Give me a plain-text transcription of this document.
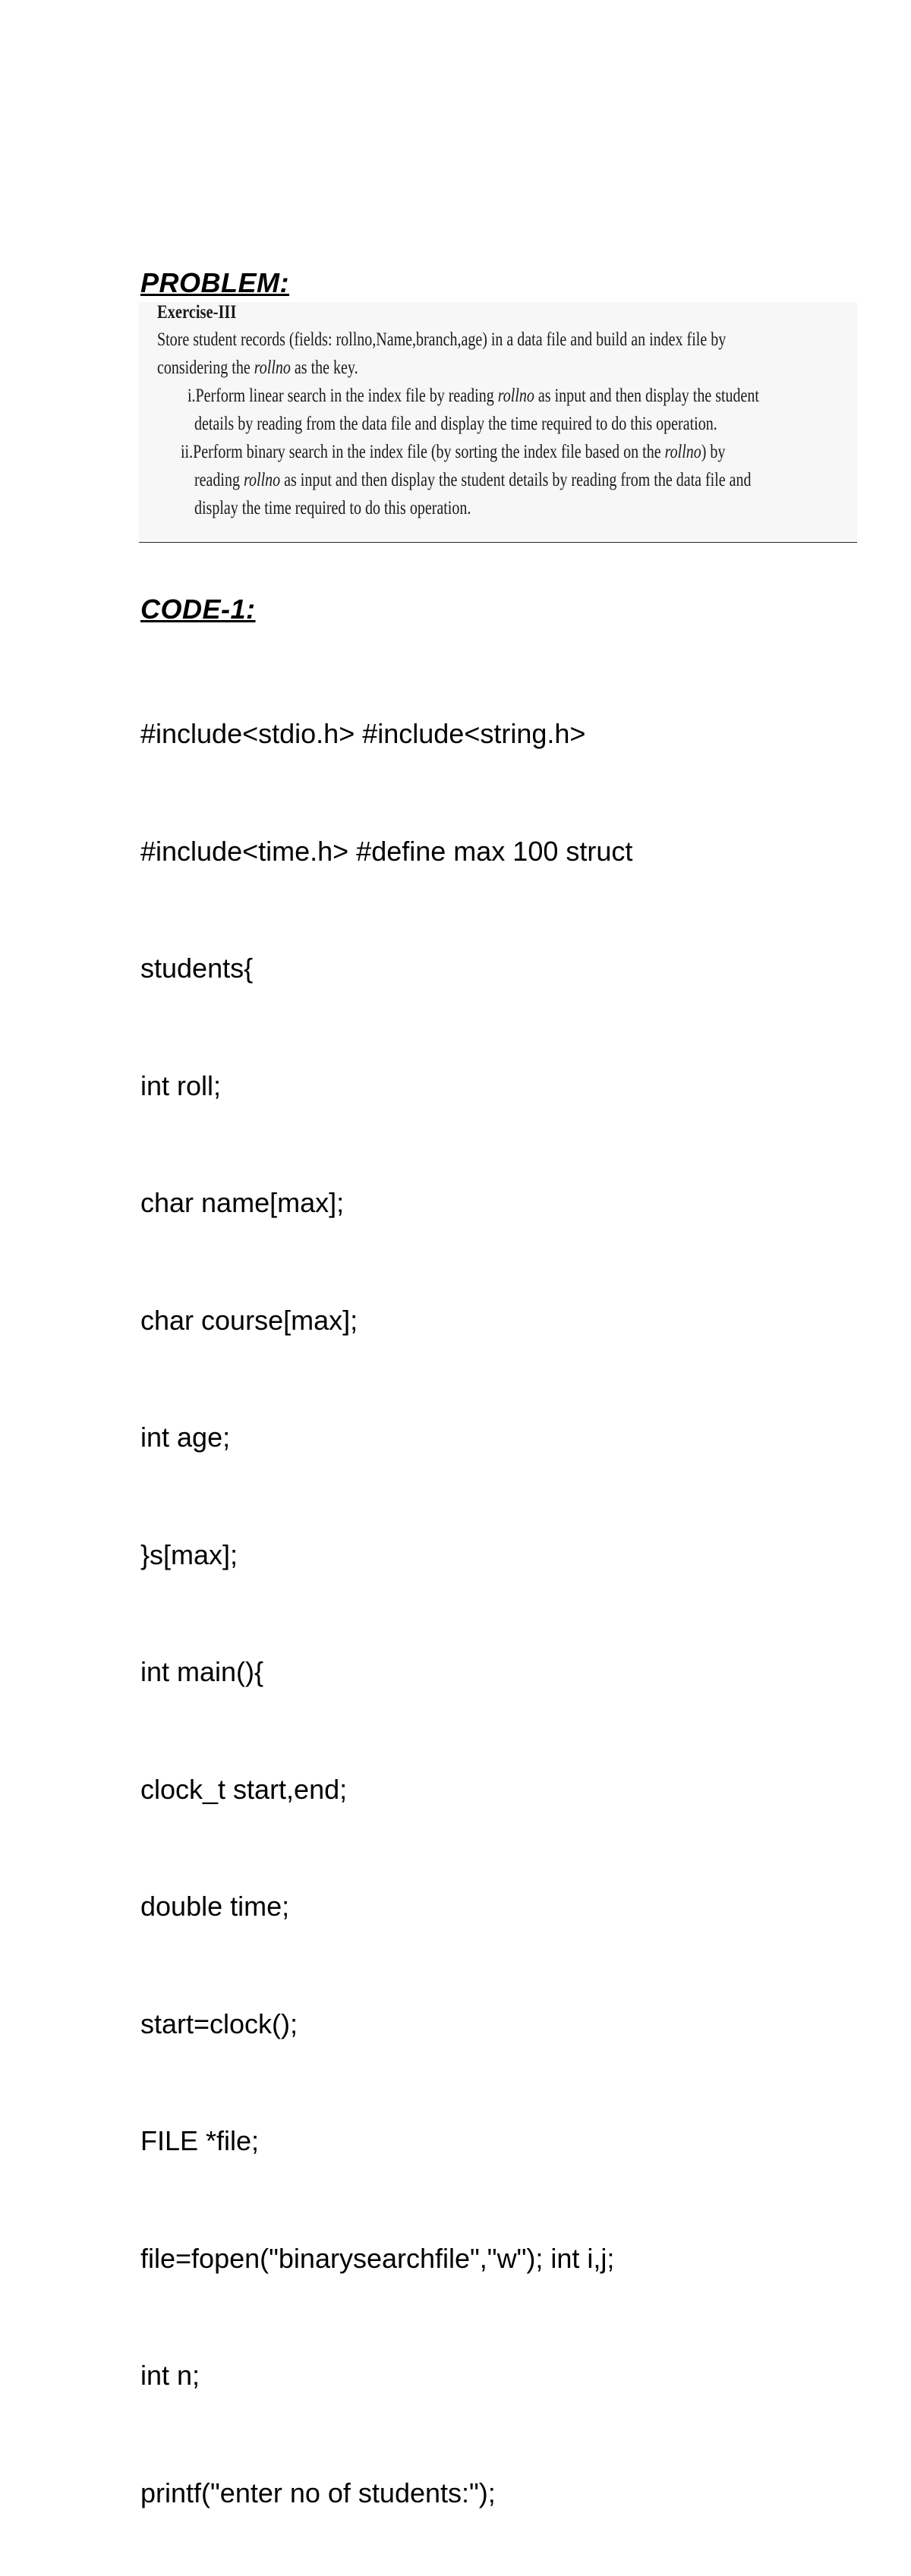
PROBLEM:
Exercise-III
Store student records (fields: rollno,Name,branch,age) in a data file and build an index file by
considering the rollno as the key.
i.Perform linear search in the index file by reading rollno as input and then display the student
details by reading from the data file and display the time required to do this operation.
ii.Perform binary search in the index file (by sorting the index file based on the rollno) by
reading rollno as input and then display the student details by reading from the data file and
display the time required to do this operation.
CODE-1:

#include<stdio.h> #include<string.h>

#include<time.h> #define max 100 struct

students{

int roll;

char name[max];

char course[max];

int age;

}s[max];

int main(){

clock_t start,end;

double time;

start=clock();

FILE *file;

file=fopen("binarysearchfile","w"); int i,j;

int n;

printf("enter no of students:");
